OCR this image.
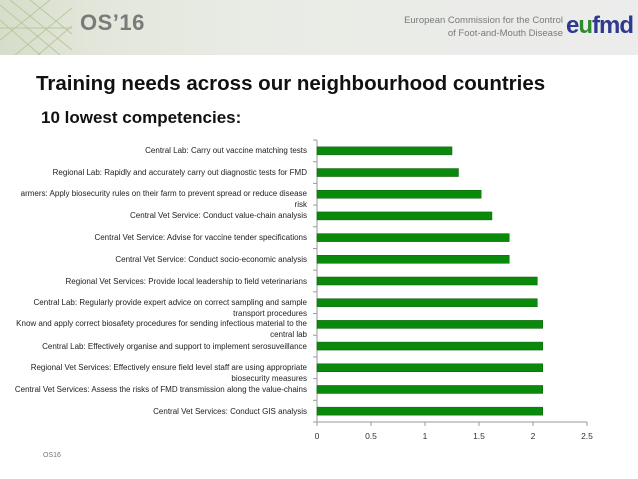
OS’16	European Commission for the Control
of Foot-and-Mouth Disease eufmd
Training needs across our neighbourhood countries
10 lowest competencies:
Central Lab: Carry out vaccine matching tests
Regional Lab: Rapidly and accurately carry out diagnostic tests for FMD
armers: Apply biosecurity rules on their farm to prevent spread or reduce disease risk
Central Vet Service: Conduct value-chain analysis
Central Vet Service: Advise for vaccine tender specifications
Central Vet Service: Conduct socio-economic analysis
Regional Vet Services: Provide local leadership to field veterinarians
Central Lab: Regularly provide expert advice on correct sampling and sample transport procedures
Know and apply correct biosafety procedures for sending infectious material to the central lab
Central Lab: Effectively organise and support to implement serosuveillance
Regional Vet Services: Effectively ensure field level staff are using appropriate biosecurity measures
Central Vet Services: Assess the risks of FMD transmission along the value-chains
Central Vet Services: Conduct GIS analysis
0	0.5	1	1.5	2	2.5
OS16
